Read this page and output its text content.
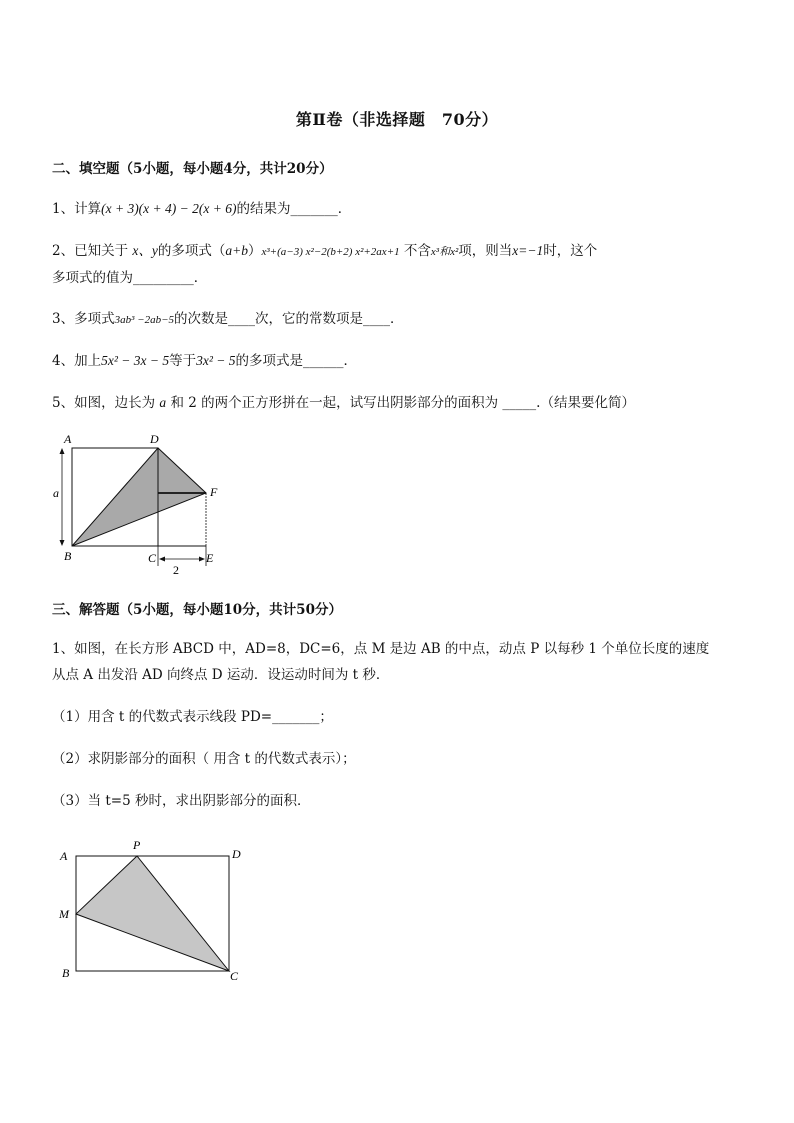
第Ⅱ卷（非选择题　70分）
二、填空题（5小题，每小题4分，共计20分）
1、计算(x + 3)(x + 4) − 2(x + 6)的结果为_______．
2、已知关于 x、y的多项式（a+b）x³+(a−3) x²−2(b+2) x²+2ax+1 不含x³和x²项，则当x=−1时，这个
多项式的值为_________．
3、多项式3ab³ −2ab−5的次数是____次，它的常数项是____．
4、加上5x² − 3x − 5等于3x² − 5的多项式是______．
5、如图，边长为 a 和 2 的两个正方形拼在一起，试写出阴影部分的面积为 _____.（结果要化简）
A	D
F
B	C	E
a
2
三、解答题（5小题，每小题10分，共计50分）
1、如图，在长方形 ABCD 中，AD=8，DC=6，点 M 是边 AB 的中点，动点 P 以每秒 1 个单位长度的速度
从点 A 出发沿 AD 向终点 D 运动．设运动时间为 t 秒．
（1）用含 t 的代数式表示线段 PD=_______；
（2）求阴影部分的面积（ 用含 t 的代数式表示）；
（3）当 t=5 秒时，求出阴影部分的面积．
A
P
D
M
B	C
